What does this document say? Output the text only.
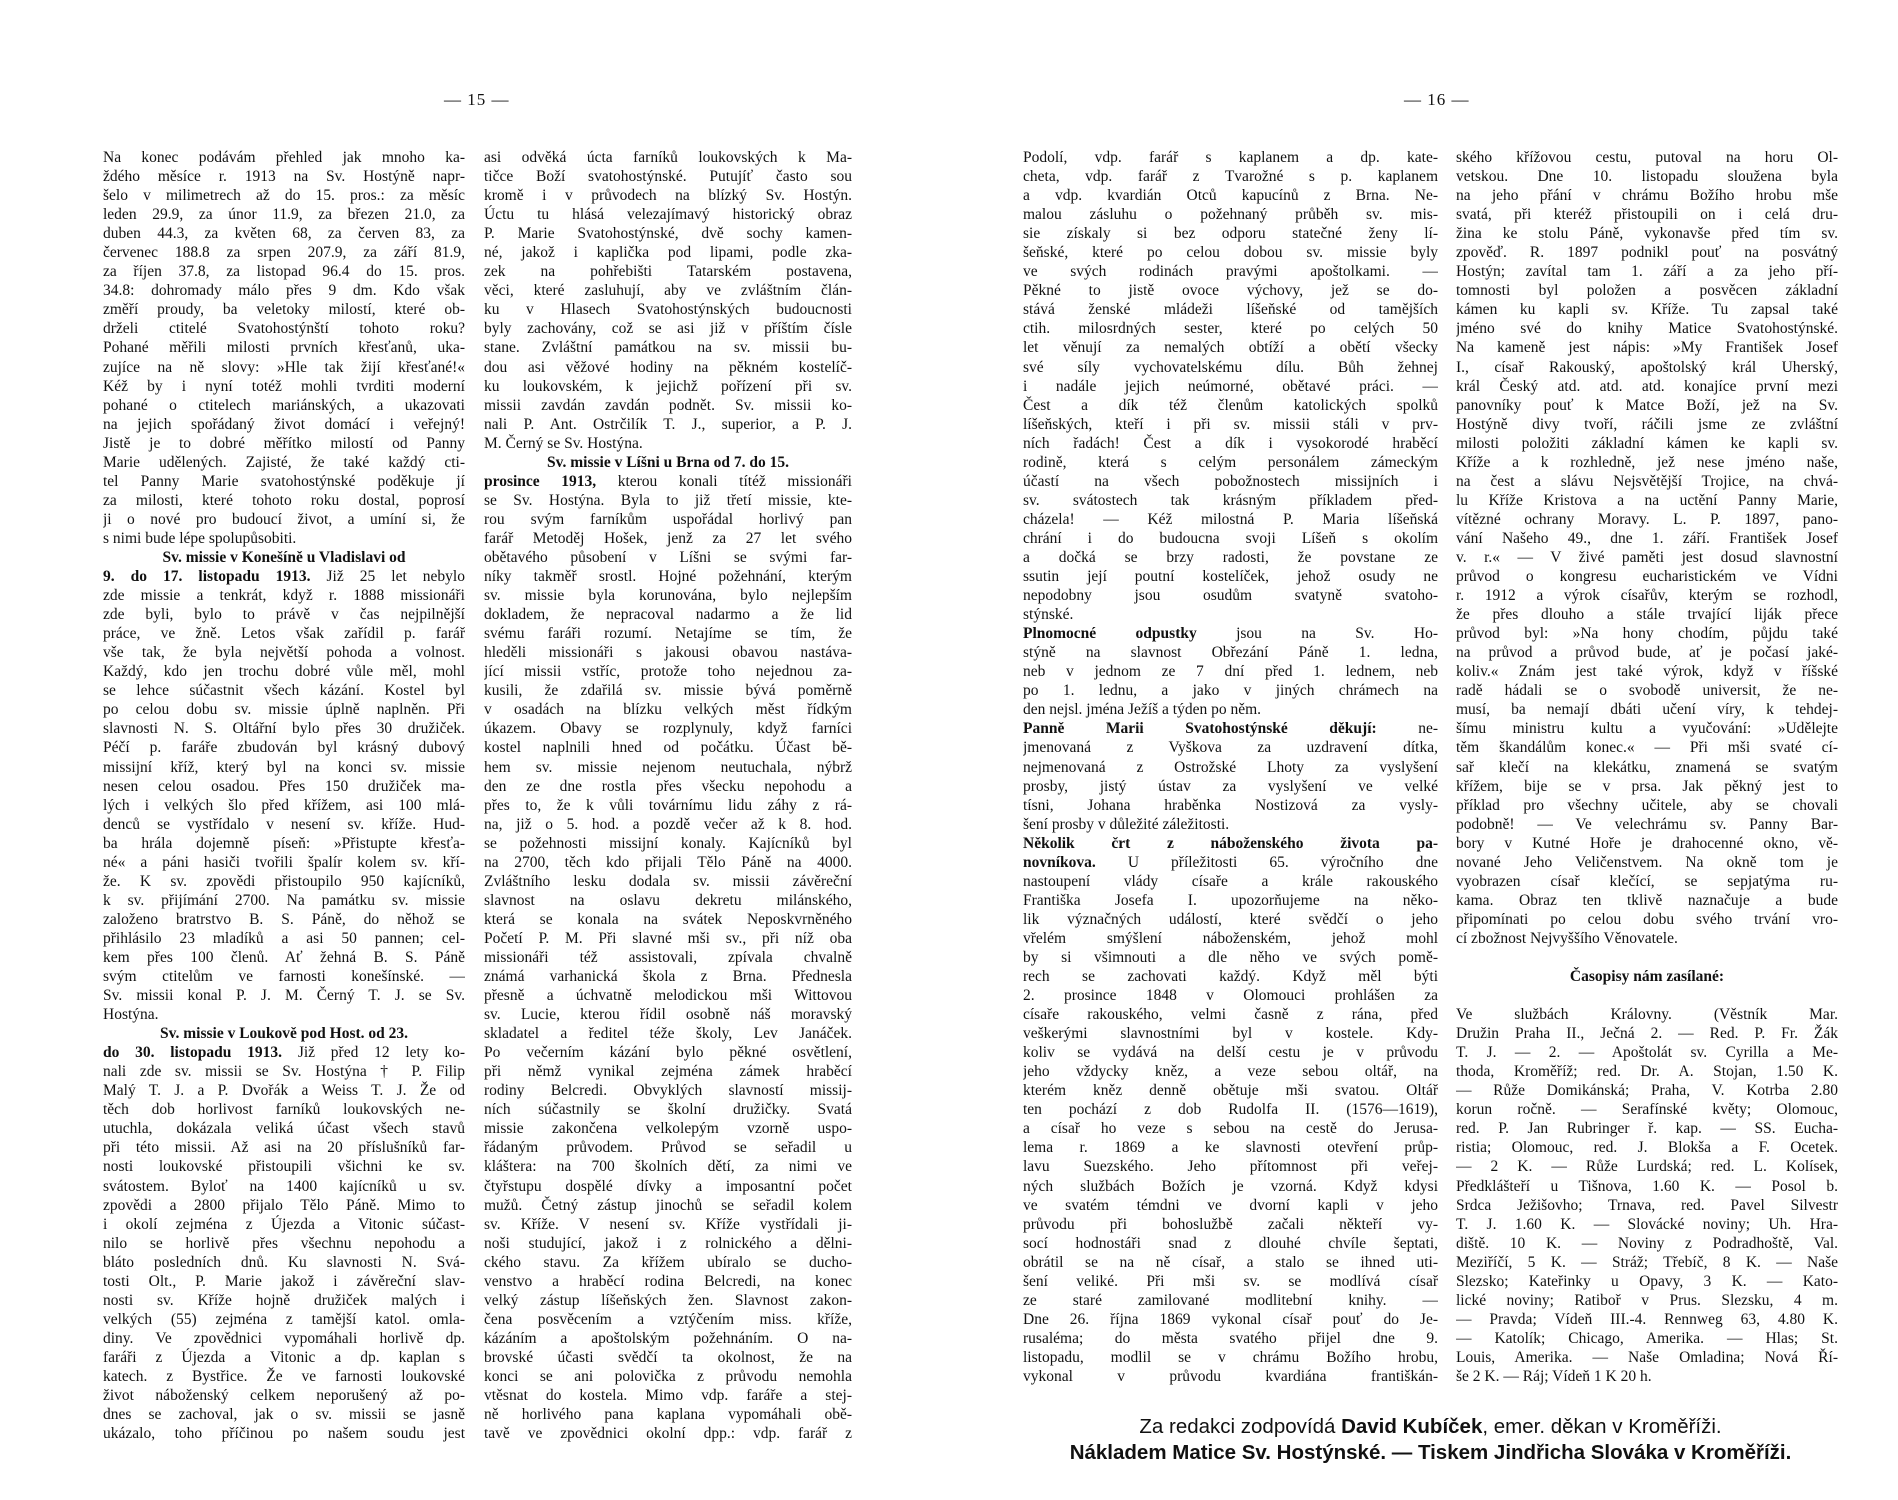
— 15 —	— 16 —
Na konec podávám přehled jak mnoho ka-
ždého měsíce r. 1913 na Sv. Hostýně napr-
šelo v milimetrech až do 15. pros.: za měsíc
leden 29.9, za únor 11.9, za březen 21.0, za
duben 44.3, za květen 68, za červen 83, za
červenec 188.8 za srpen 207.9, za září 81.9,
za říjen 37.8, za listopad 96.4 do 15. pros.
34.8: dohromady málo přes 9 dm. Kdo však
změří proudy, ba veletoky milostí, které ob-
drželi ctitelé Svatohostýnští tohoto roku?
Pohané měřili milosti prvních křesťanů, ukа-
zujíce na ně slovy: »Hle tak žijí křesťané!«
Kéž by i nyní totéž mohli tvrditi moderní
pohané o ctitelech mariánských, a ukazovati
na jejich spořádaný život domácí i veřejný!
Jistě je to dobré měřítko milostí od Panny
Marie udělených. Zajisté, že také každý cti-
tel Panny Marie svatohostýnské poděkuje jí
za milosti, které tohoto roku dostal, poprosí
ji o nové pro budoucí život, a umíní si, že
s nimi bude lépe spolupůsobiti.
Sv. missie v Konešíně u Vladislavi od
9. do 17. listopadu 1913. Již 25 let nebylo
zde missie a tenkrát, když r. 1888 missionáři
zde byli, bylo to právě v čas nejpilnější
práce, ve žně. Letos však zařídil p. farář
vše tak, že byla největší pohoda a volnost.
Každý, kdo jen trochu dobré vůle měl, mohl
se lehce súčastnit všech kázání. Kostel byl
po celou dobu sv. missie úplně naplněn. Při
slavnosti N. S. Oltářní bylo přes 30 družiček.
Péčí p. faráře zbudován byl krásný dubový
missijní kříž, který byl na konci sv. missie
nesen celou osadou. Přes 150 družiček ma-
lých i velkých šlo před křížem, asi 100 mlá-
denců se vystřídalo v nesení sv. kříže. Hud-
ba hrála dojemně píseň: »Přistupte křesťa-
né« a páni hasiči tvořili špalír kolem sv. kří-
že. K sv. zpovědi přistoupilo 950 kajícníků,
k sv. přijímání 2700. Na památku sv. missie
založeno bratrstvo B. S. Páně, do něhož se
přihlásilo 23 mladíků a asi 50 pannen; cel-
kem přes 100 členů. Ať žehná B. S. Páně
svým ctitelům ve farnosti konešínské. —
Sv. missii konal P. J. M. Černý T. J. se Sv.
Hostýna.
Sv. missie v Loukově pod Host. od 23.
do 30. listopadu 1913. Již před 12 lety ko-
nali zde sv. missii se Sv. Hostýna † P. Filip
Malý T. J. a P. Dvořák a Weiss T. J. Že od
těch dob horlivost farníků loukovských ne-
utuchla, dokázala veliká účast všech stavů
při této missii. Až asi na 20 příslušníků far-
nosti loukovské přistoupili všichni ke sv.
svátostem. Byloť na 1400 kajícníků u sv.
zpovědi a 2800 přijalo Tělo Páně. Mimo to
i okolí zejména z Újezda a Vitonic súčast-
nilo se horlivě přes všechnu nepohodu a
bláto posledních dnů. Ku slavnosti N. Svá-
tosti Olt., P. Marie jakož i závěreční slav-
nosti sv. Kříže hojně družiček malých i
velkých (55) zejména z tamější katol. omla-
diny. Ve zpovědnici vypomáhali horlivě dp.
faráři z Újezda a Vitonic a dp. kaplan s
katech. z Bystřice. Že ve farnosti loukovské
život náboženský celkem neporušený až po-
dnes se zachoval, jak o sv. missii se jasně
ukázalo, toho příčinou po našem soudu jest
asi odvěká úcta farníků loukovských k Ma-
tičce Boží svatohostýnské. Putujíť často sou
kromě i v průvodech na blízký Sv. Hostýn.
Úctu tu hlásá velezajímavý historický obraz
P. Marie Svatohostýnské, dvě sochy kamen-
né, jakož i kaplička pod lipami, podle zka-
zek na pohřebišti Tatarském postavena,
věci, které zasluhují, aby ve zvláštním člán-
ku v Hlasech Svatohostýnských budoucnosti
byly zachovány, což se asi již v příštím čísle
stane. Zvláštní památkou na sv. missii bu-
dou asi věžové hodiny na pěkném kostelíč-
ku loukovském, k jejichž pořízení při sv.
missii zavdán zavdán podnět. Sv. missii ko-
nali P. Ant. Ostrčilík T. J., superior, a P. J.
M. Černý se Sv. Hostýna.
Sv. missie v Líšni u Brna od 7. do 15.
prosince 1913, kterou konali títéž missionáři
se Sv. Hostýna. Byla to již třetí missie, kte-
rou svým farníkům uspořádal horlivý pan
farář Metoděj Hošek, jenž za 27 let svého
obětavého působení v Líšni se svými far-
níky takměř srostl. Hojné požehnání, kterým
sv. missie byla korunována, bylo nejlepším
dokladem, že nepracoval nadarmo a že lid
svému faráři rozumí. Netajíme se tím, že
hleděli missionáři s jakousi obavou nastáva-
jící missii vstříc, protože toho nejednou za-
kusili, že zdařilá sv. missie bývá poměrně
v osadách na blízku velkých měst řídkým
úkazem. Obavy se rozplynuly, když farníci
kostel naplnili hned od počátku. Účast bě-
hem sv. missie nejenom neutuchala, nýbrž
den ze dne rostla přes všecku nepohodu a
přes to, že k vůli továrnímu lidu záhy z rá-
na, již o 5. hod. a pozdě večer až k 8. hod.
se požehnosti missijní konaly. Kajícníků byl
na 2700, těch kdo přijali Tělo Páně na 4000.
Zvláštního lesku dodala sv. missii závěreční
slavnost na oslavu dekretu milánského,
která se konala na svátek Neposkvrněného
Početí P. M. Při slavné mši sv., při níž oba
missionáři též assistovali, zpívala chvalně
známá varhanická škola z Brna. Přednesla
přesně a úchvatně melodickou mši Wittovou
sv. Lucie, kterou řídil osobně náš moravský
skladatel a ředitel téže školy, Lev Janáček.
Po večerním kázání bylo pěkné osvětlení,
při němž vynikal zejména zámek hraběcí
rodiny Belcredi. Obvyklých slavností missij-
ních súčastnily se školní družičky. Svatá
missie zakončena velkolepým vzorně uspo-
řádaným průvodem. Průvod se seřadil u
kláštera: na 700 školních dětí, za nimi ve
čtyřstupu dospělé dívky a imposantní počet
mužů. Četný zástup jinochů se seřadil kolem
sv. Kříže. V nesení sv. Kříže vystřídali ji-
noši studující, jakož i z rolnického a dělni-
ckého stavu. Za křížem ubíralo se ducho-
venstvo a hraběcí rodina Belcredi, na konec
velký zástup líšeňských žen. Slavnost zakon-
čena posvěcením a vztýčením miss. kříže,
kázáním a apoštolským požehnáním. O na-
brovské účasti svědčí ta okolnost, že na
konci se ani polovička z průvodu nemohla
vtěsnat do kostela. Mimo vdp. faráře a stej-
ně horlivého pana kaplana vypomáhali obě-
tavě ve zpovědnici okolní dpp.: vdp. farář z
Podolí, vdp. farář s kaplanem a dp. kate-
cheta, vdp. farář z Tvarožné s p. kaplanem
a vdp. kvardián Otců kapucínů z Brna. Ne-
malou zásluhu o požehnaný průběh sv. mis-
sie získaly si bez odporu statečné ženy lí-
šeňské, které po celou dobou sv. missie byly
ve svých rodinách pravými apoštolkami. —
Pěkné to jistě ovoce výchovy, jež se do-
stává ženské mládeži líšeňské od tamějších
ctih. milosrdných sester, které po celých 50
let věnují za nemalých obtíží a obětí všecky
své síly vychovatelskému dílu. Bůh žehnej
i nadále jejich neúmorné, obětavé práci. —
Čest a dík též členům katolických spolků
líšeňských, kteří i při sv. missii stáli v prv-
ních řadách! Čest a dík i vysokorodé hraběcí
rodině, která s celým personálem zámeckým
účastí na všech pobožnostech missijních i
sv. svátostech tak krásným příkladem před-
cházela! — Kéž milostná P. Maria líšeňská
chrání i do budoucna svoji Líšeň s okolím
a dočká se brzy radosti, že povstane ze
ssutin její poutní kostelíček, jehož osudy ne
nepodobny jsou osudům svatyně svatoho-
stýnské.
Plnomocné odpustky jsou na Sv. Ho-
stýně na slavnost Obřezání Páně 1. ledna,
neb v jednom ze 7 dní před 1. lednem, neb
po 1. lednu, a jako v jiných chrámech na
den nejsl. jména Ježíš a týden po něm.
Panně Marii Svatohostýnské děkují: ne-
jmenovaná z Vyškova za uzdravení dítka,
nejmenovaná z Ostrožské Lhoty za vyslyšení
prosby, jistý ústav za vyslyšení ve velké
tísni, Johana hraběnka Nostizová za vysly-
šení prosby v důležité záležitosti.
Několik črt z náboženského života pa-
novníkova. U příležitosti 65. výročního dne
nastoupení vlády císaře a krále rakouského
Františka Josefa I. upozorňujeme na něko-
lik význačných událostí, které svědčí o jeho
vřelém smýšlení náboženském, jehož mohl
by si všimnouti a dle něho ve svých pomě-
rech se zachovati každý. Když měl býti
2. prosince 1848 v Olomouci prohlášen za
císaře rakouského, velmi časně z rána, před
veškerými slavnostními byl v kostele. Kdy-
koliv se vydává na delší cestu je v průvodu
jeho vždycky kněz, a veze sebou oltář, na
kterém kněz denně obětuje mši svatou. Oltář
ten pochází z dob Rudolfa II. (1576—1619),
a císař ho veze s sebou na cestě do Jerusa-
lema r. 1869 a ke slavnosti otevření průp-
lavu Suezského. Jeho přítomnost při veřej-
ných službách Božích je vzorná. Když kdysi
ve svatém témdni ve dvorní kapli v jeho
průvodu při bohoslužbě začali někteří vy-
socí hodnostáři snad z dlouhé chvíle šeptati,
obrátil se na ně císař, a stalo se ihned uti-
šení veliké. Při mši sv. se modlívá císař
ze staré zamilované modlitební knihy. —
Dne 26. října 1869 vykonal císař pouť do Je-
rusaléma; do města svatého přijel dne 9.
listopadu, modlil se v chrámu Božího hrobu,
vykonal v průvodu kvardiána františkán-
ského křížovou cestu, putoval na horu Ol-
vetskou. Dne 10. listopadu sloužena byla
na jeho přání v chrámu Božího hrobu mše
svatá, při kteréž přistoupili on i celá dru-
žina ke stolu Páně, vykonavše před tím sv.
zpověď. R. 1897 podnikl pouť na posvátný
Hostýn; zavítal tam 1. září a za jeho pří-
tomnosti byl položen a posvěcen základní
kámen ku kapli sv. Kříže. Tu zapsal také
jméno své do knihy Matice Svatohostýnské.
Na kameně jest nápis: »My František Josef
I., císař Rakouský, apoštolský král Uherský,
král Český atd. atd. atd. konajíce první mezi
panovníky pouť k Matce Boží, jež na Sv.
Hostýně divy tvoří, ráčili jsme ze zvláštní
milosti položiti základní kámen ke kapli sv.
Kříže a k rozhledně, jež nese jméno naše,
na čest a slávu Nejsvětější Trojice, na chvá-
lu Kříže Kristova a na uctění Panny Marie,
vítězné ochrany Moravy. L. P. 1897, pano-
vání Našeho 49., dne 1. září. František Josef
v. r.« — V živé paměti jest dosud slavnostní
průvod o kongresu eucharistickém ve Vídni
r. 1912 a výrok císařův, kterým se rozhodl,
že přes dlouho a stále trvající liják přece
průvod byl: »Na hony chodím, půjdu také
na průvod a průvod bude, ať je počasí jaké-
koliv.« Znám jest také výrok, když v říšské
radě hádali se o svobodě universit, že ne-
musí, ba nemají dbáti učení víry, k tehdej-
šímu ministru kultu a vyučování: »Udělejte
těm škandálům konec.« — Při mši svaté cí-
sař klečí na klekátku, znamená se svatým
křížem, bije se v prsa. Jak pěkný jest to
příklad pro všechny učitele, aby se chovali
podobně! — Ve velechrámu sv. Panny Bar-
bory v Kutné Hoře je drahocenné okno, vě-
nované Jeho Veličenstvem. Na okně tom je
vyobrazen císař klečící, se sepjatýma ru-
kama. Obraz ten tklivě naznačuje a bude
připomínati po celou dobu svého trvání vro-
cí zbožnost Nejvyššího Věnovatele.

Časopisy nám zasílané:

Ve službách Královny. (Věstník Mar.
Družin Praha II., Ječná 2. — Red. P. Fr. Žák
T. J. — 2. — Apoštolát sv. Cyrilla a Me-
thoda, Kroměříž; red. Dr. A. Stojan, 1.50 K.
— Růže Domikánská; Praha, V. Kotrba 2.80
korun ročně. — Serafínské květy; Olomouc,
red. P. Jan Rubringer ř. kap. — SS. Eucha-
ristia; Olomouc, red. J. Blokša a F. Ocetek.
— 2 K. — Růže Lurdská; red. L. Kolísek,
Předklášteří u Tišnova, 1.60 K. — Posol b.
Srdca Ježišovho; Trnava, red. Pavel Silvestr
T. J. 1.60 K. — Slovácké noviny; Uh. Hra-
diště. 10 K. — Noviny z Podradhoště, Val.
Meziříčí, 5 K. — Stráž; Třebíč, 8 K. — Naše
Slezsko; Kateřinky u Opavy, 3 K. — Kato-
lické noviny; Ratibоř v Prus. Slezsku, 4 m.
— Pravda; Vídeň III.-4. Rennweg 63, 4.80 K.
— Katolík; Chicago, Amerika. — Hlas; St.
Louis, Amerika. — Naše Omladina; Nová Ří-
še 2 K. — Ráj; Vídeň 1 K 20 h.
Za redakci zodpovídá David Kubíček, emer. děkan v Kroměříži.
Nákladem Matice Sv. Hostýnské. — Tiskem Jindřicha Slováka v Kroměříži.
